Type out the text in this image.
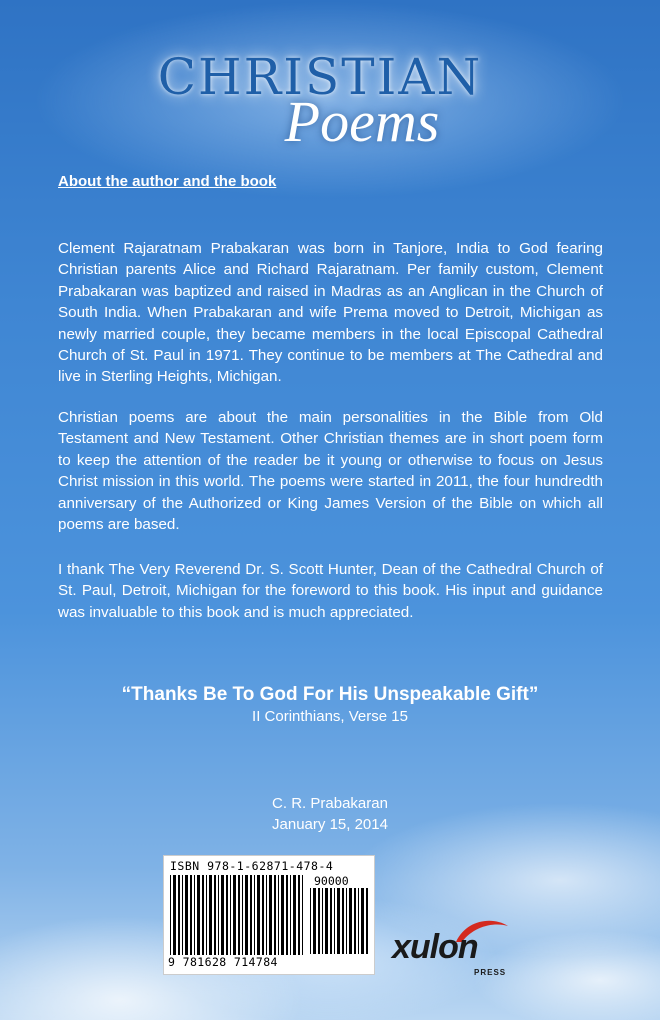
CHRISTIAN
Poems
About the author and the book
Clement Rajaratnam Prabakaran was born in Tanjore, India to God fearing Christian parents Alice and Richard Rajaratnam. Per family custom, Clement Prabakaran was baptized and raised in Madras as an Anglican in the Church of South India. When Prabakaran and wife Prema moved to Detroit, Michigan as newly married couple, they became members in the local Episcopal Cathedral Church of St. Paul in 1971. They continue to be members at The Cathedral and live in Sterling Heights, Michigan.
Christian poems are about the main personalities in the Bible from Old Testament and New Testament. Other Christian themes are in short poem form to keep the attention of the reader be it young or otherwise to focus on Jesus Christ mission in this world. The poems were started in 2011, the four hundredth anniversary of the Authorized or King James Version of the Bible on which all poems are based.
I thank The Very Reverend Dr. S. Scott Hunter, Dean of the Cathedral Church of St. Paul, Detroit, Michigan for the foreword to this book. His input and guidance was invaluable to this book and is much appreciated.
“Thanks Be To God For His Unspeakable Gift”
II Corinthians, Verse 15
C. R. Prabakaran
January 15, 2014
ISBN 978-1-62871-478-4
90000
9 781628 714784	xulon
PRESS
